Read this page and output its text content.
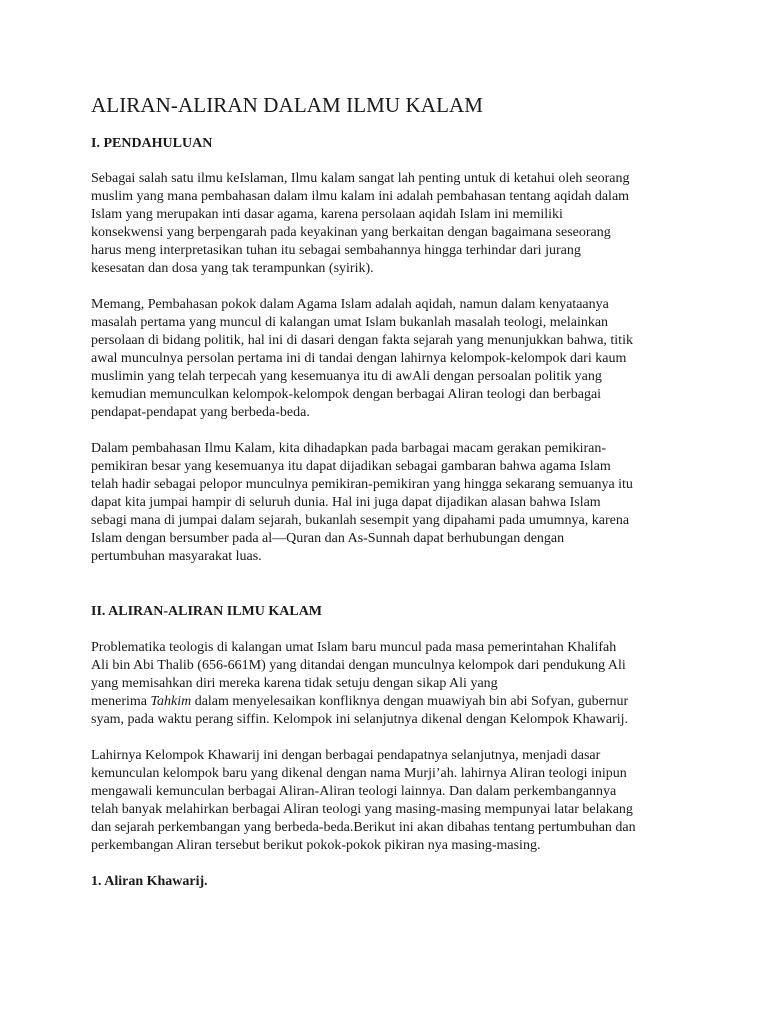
ALIRAN-ALIRAN DALAM ILMU KALAM
I. PENDAHULUAN

Sebagai salah satu ilmu keIslaman, Ilmu kalam sangat lah penting untuk di ketahui oleh seorang
muslim yang mana pembahasan dalam ilmu kalam ini adalah pembahasan tentang aqidah dalam
Islam yang merupakan inti dasar agama, karena persolaan aqidah Islam ini memiliki
konsekwensi yang berpengarah pada keyakinan yang berkaitan dengan bagaimana seseorang
harus meng interpretasikan tuhan itu sebagai sembahannya hingga terhindar dari jurang
kesesatan dan dosa yang tak terampunkan (syirik).

Memang, Pembahasan pokok dalam Agama Islam adalah aqidah, namun dalam kenyataanya
masalah pertama yang muncul di kalangan umat Islam bukanlah masalah teologi, melainkan
persolaan di bidang politik, hal ini di dasari dengan fakta sejarah yang menunjukkan bahwa, titik
awal munculnya persolan pertama ini di tandai dengan lahirnya kelompok-kelompok dari kaum
muslimin yang telah terpecah yang kesemuanya itu di awAli dengan persoalan politik yang
kemudian memunculkan kelompok-kelompok dengan berbagai Aliran teologi dan berbagai
pendapat-pendapat yang berbeda-beda.

Dalam pembahasan Ilmu Kalam, kita dihadapkan pada barbagai macam gerakan pemikiran-
pemikiran besar yang kesemuanya itu dapat dijadikan sebagai gambaran bahwa agama Islam
telah hadir sebagai pelopor munculnya pemikiran-pemikiran yang hingga sekarang semuanya itu
dapat kita jumpai hampir di seluruh dunia. Hal ini juga dapat dijadikan alasan bahwa Islam
sebagi mana di jumpai dalam sejarah, bukanlah sesempit yang dipahami pada umumnya, karena
Islam dengan bersumber pada al—Quran dan As-Sunnah dapat berhubungan dengan
pertumbuhan masyarakat luas.

II. ALIRAN-ALIRAN ILMU KALAM

Problematika teologis di kalangan umat Islam baru muncul pada masa pemerintahan Khalifah
Ali bin Abi Thalib (656-661M) yang ditandai dengan munculnya kelompok dari pendukung Ali
yang memisahkan diri mereka karena tidak setuju dengan sikap Ali yang
menerima Tahkim dalam menyelesaikan konfliknya dengan muawiyah bin abi Sofyan, gubernur
syam, pada waktu perang siffin. Kelompok ini selanjutnya dikenal dengan Kelompok Khawarij.

Lahirnya Kelompok Khawarij ini dengan berbagai pendapatnya selanjutnya, menjadi dasar
kemunculan kelompok baru yang dikenal dengan nama Murji’ah. lahirnya Aliran teologi inipun
mengawali kemunculan berbagai Aliran-Aliran teologi lainnya. Dan dalam perkembangannya
telah banyak melahirkan berbagai Aliran teologi yang masing-masing mempunyai latar belakang
dan sejarah perkembangan yang berbeda-beda.Berikut ini akan dibahas tentang pertumbuhan dan
perkembangan Aliran tersebut berikut pokok-pokok pikiran nya masing-masing.

1. Aliran Khawarij.
